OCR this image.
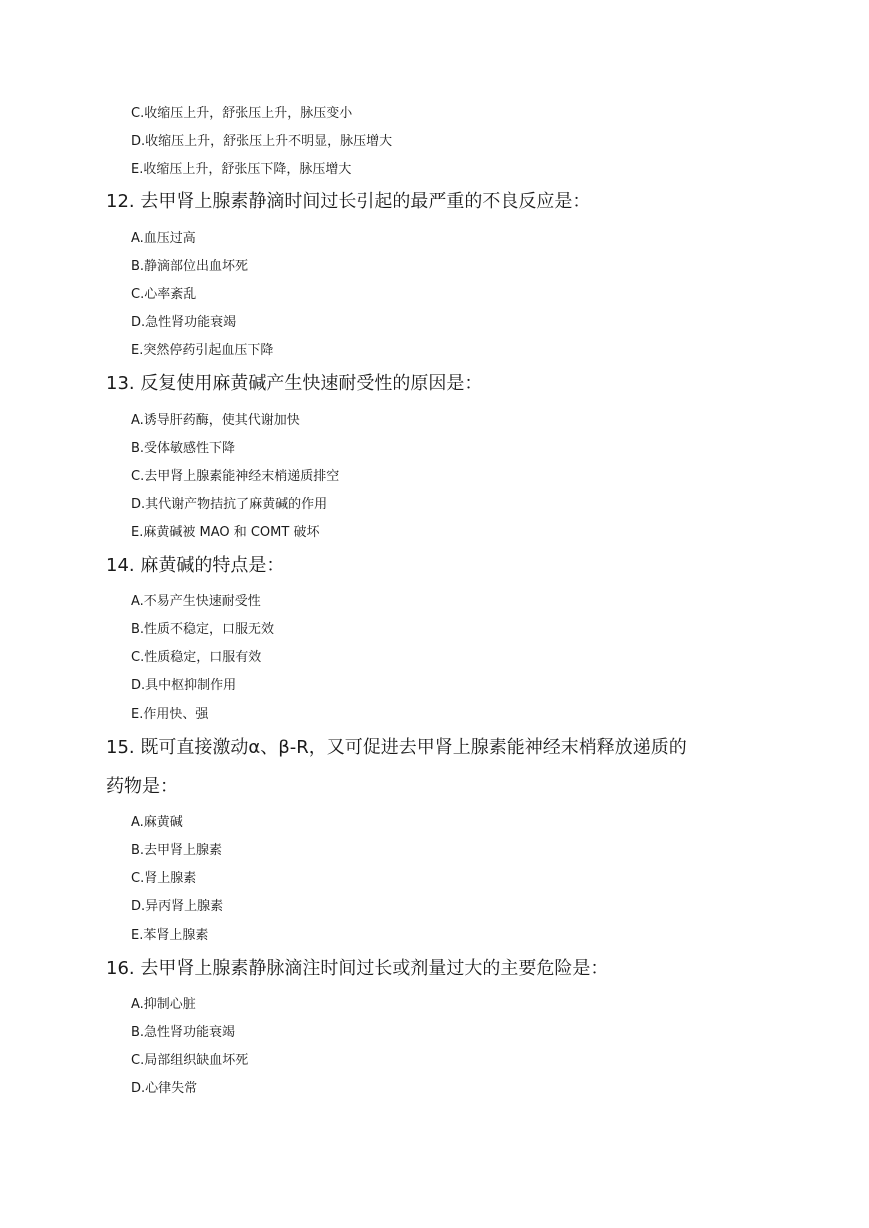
C.收缩压上升，舒张压上升，脉压变小
D.收缩压上升，舒张压上升不明显，脉压增大
E.收缩压上升，舒张压下降，脉压增大
12. 去甲肾上腺素静滴时间过长引起的最严重的不良反应是：
A.血压过高
B.静滴部位出血坏死
C.心率紊乱
D.急性肾功能衰竭
E.突然停药引起血压下降
13. 反复使用麻黄碱产生快速耐受性的原因是：
A.诱导肝药酶，使其代谢加快
B.受体敏感性下降
C.去甲肾上腺素能神经末梢递质排空
D.其代谢产物拮抗了麻黄碱的作用
E.麻黄碱被 MAO 和 COMT 破坏
14. 麻黄碱的特点是：
A.不易产生快速耐受性
B.性质不稳定，口服无效
C.性质稳定，口服有效
D.具中枢抑制作用
E.作用快、强
15. 既可直接激动α、β-R，又可促进去甲肾上腺素能神经末梢释放递质的
药物是：
A.麻黄碱
B.去甲肾上腺素
C.肾上腺素
D.异丙肾上腺素
E.苯肾上腺素
16. 去甲肾上腺素静脉滴注时间过长或剂量过大的主要危险是：
A.抑制心脏
B.急性肾功能衰竭
C.局部组织缺血坏死
D.心律失常
